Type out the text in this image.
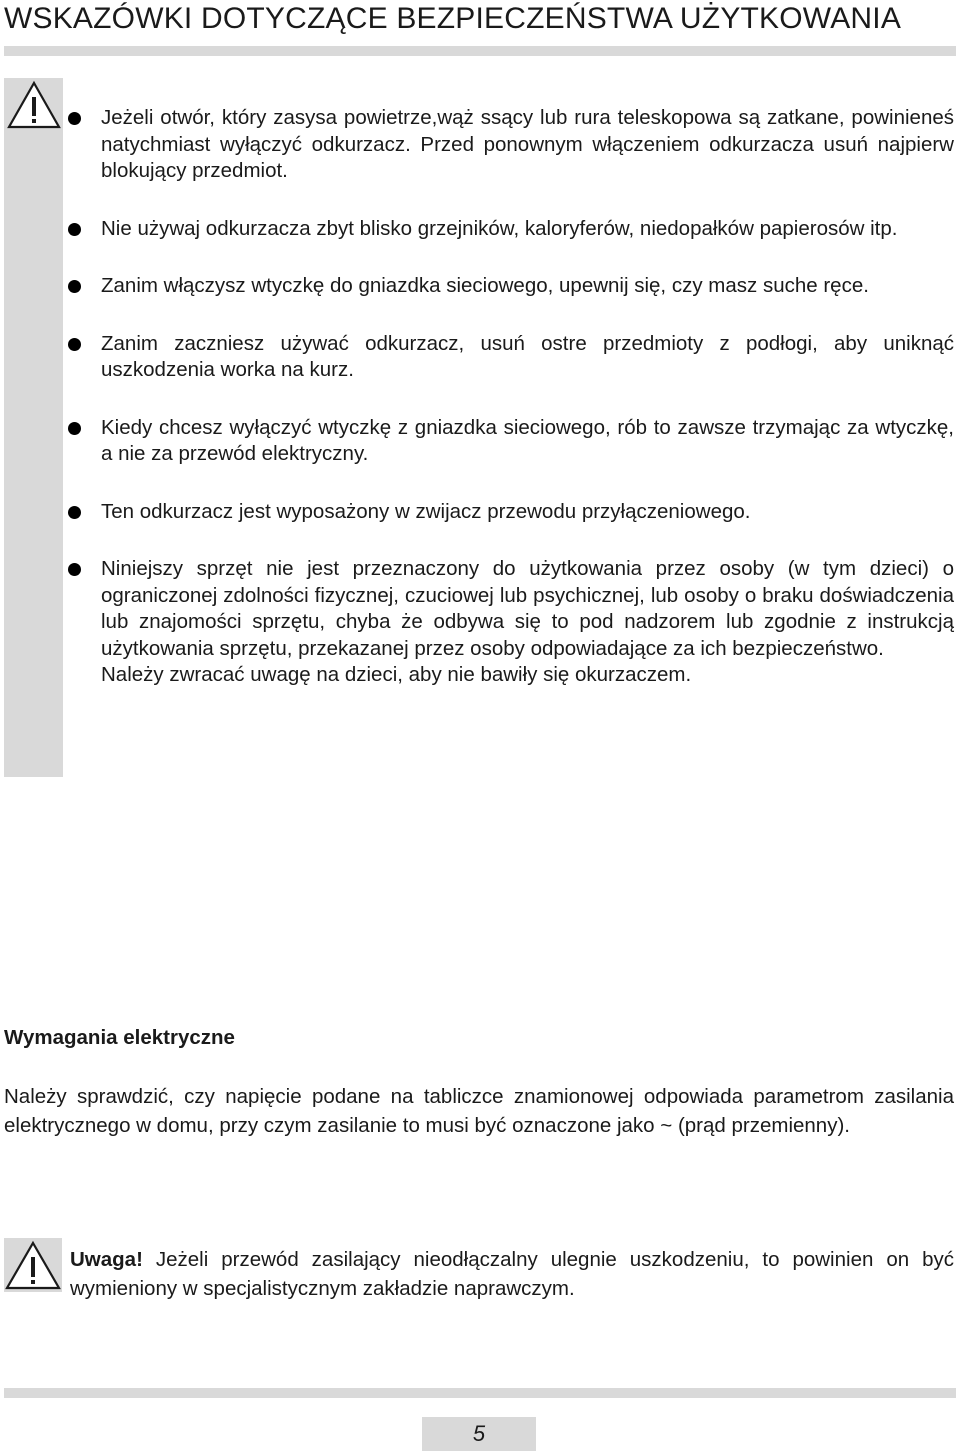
WSKAZÓWKI DOTYCZĄCE BEZPIECZEŃSTWA UŻYTKOWANIA
Jeżeli otwór, który zasysa powietrze,wąż ssący lub rura teleskopowa są zatkane, powinieneś natychmiast wyłączyć odkurzacz. Przed ponownym włączeniem odkurzacza usuń najpierw blokujący przedmiot.
Nie używaj odkurzacza zbyt blisko grzejników, kaloryferów, niedopałków papierosów itp.
Zanim włączysz wtyczkę do gniazdka sieciowego, upewnij się, czy masz suche ręce.
Zanim zaczniesz używać odkurzacz, usuń ostre przedmioty z podłogi, aby uniknąć uszkodzenia worka na kurz.
Kiedy chcesz wyłączyć wtyczkę z gniazdka sieciowego, rób to zawsze trzymając za wtyczkę, a nie za przewód elektryczny.
Ten odkurzacz jest wyposażony w zwijacz przewodu przyłączeniowego.
Niniejszy sprzęt nie jest przeznaczony do użytkowania przez osoby (w tym dzieci) o ograniczonej zdolności fizycznej, czuciowej lub psychicznej, lub osoby o braku doświadczenia lub znajomości sprzętu, chyba że odbywa się to pod nadzorem lub zgodnie z instrukcją użytkowania sprzętu, przekazanej przez osoby odpowiadające za ich bezpieczeństwo.
Należy zwracać uwagę na dzieci, aby nie bawiły się okurzaczem.
Wymagania elektryczne

Należy sprawdzić, czy napięcie podane na tabliczce znamionowej odpowiada parametrom zasilania elektrycznego w domu, przy czym zasilanie to musi być oznaczone jako ~ (prąd przemienny).

Uwaga! Jeżeli przewód zasilający nieodłączalny ulegnie uszkodzeniu, to powinien on być wymieniony w specjalistycznym zakładzie naprawczym.

5
